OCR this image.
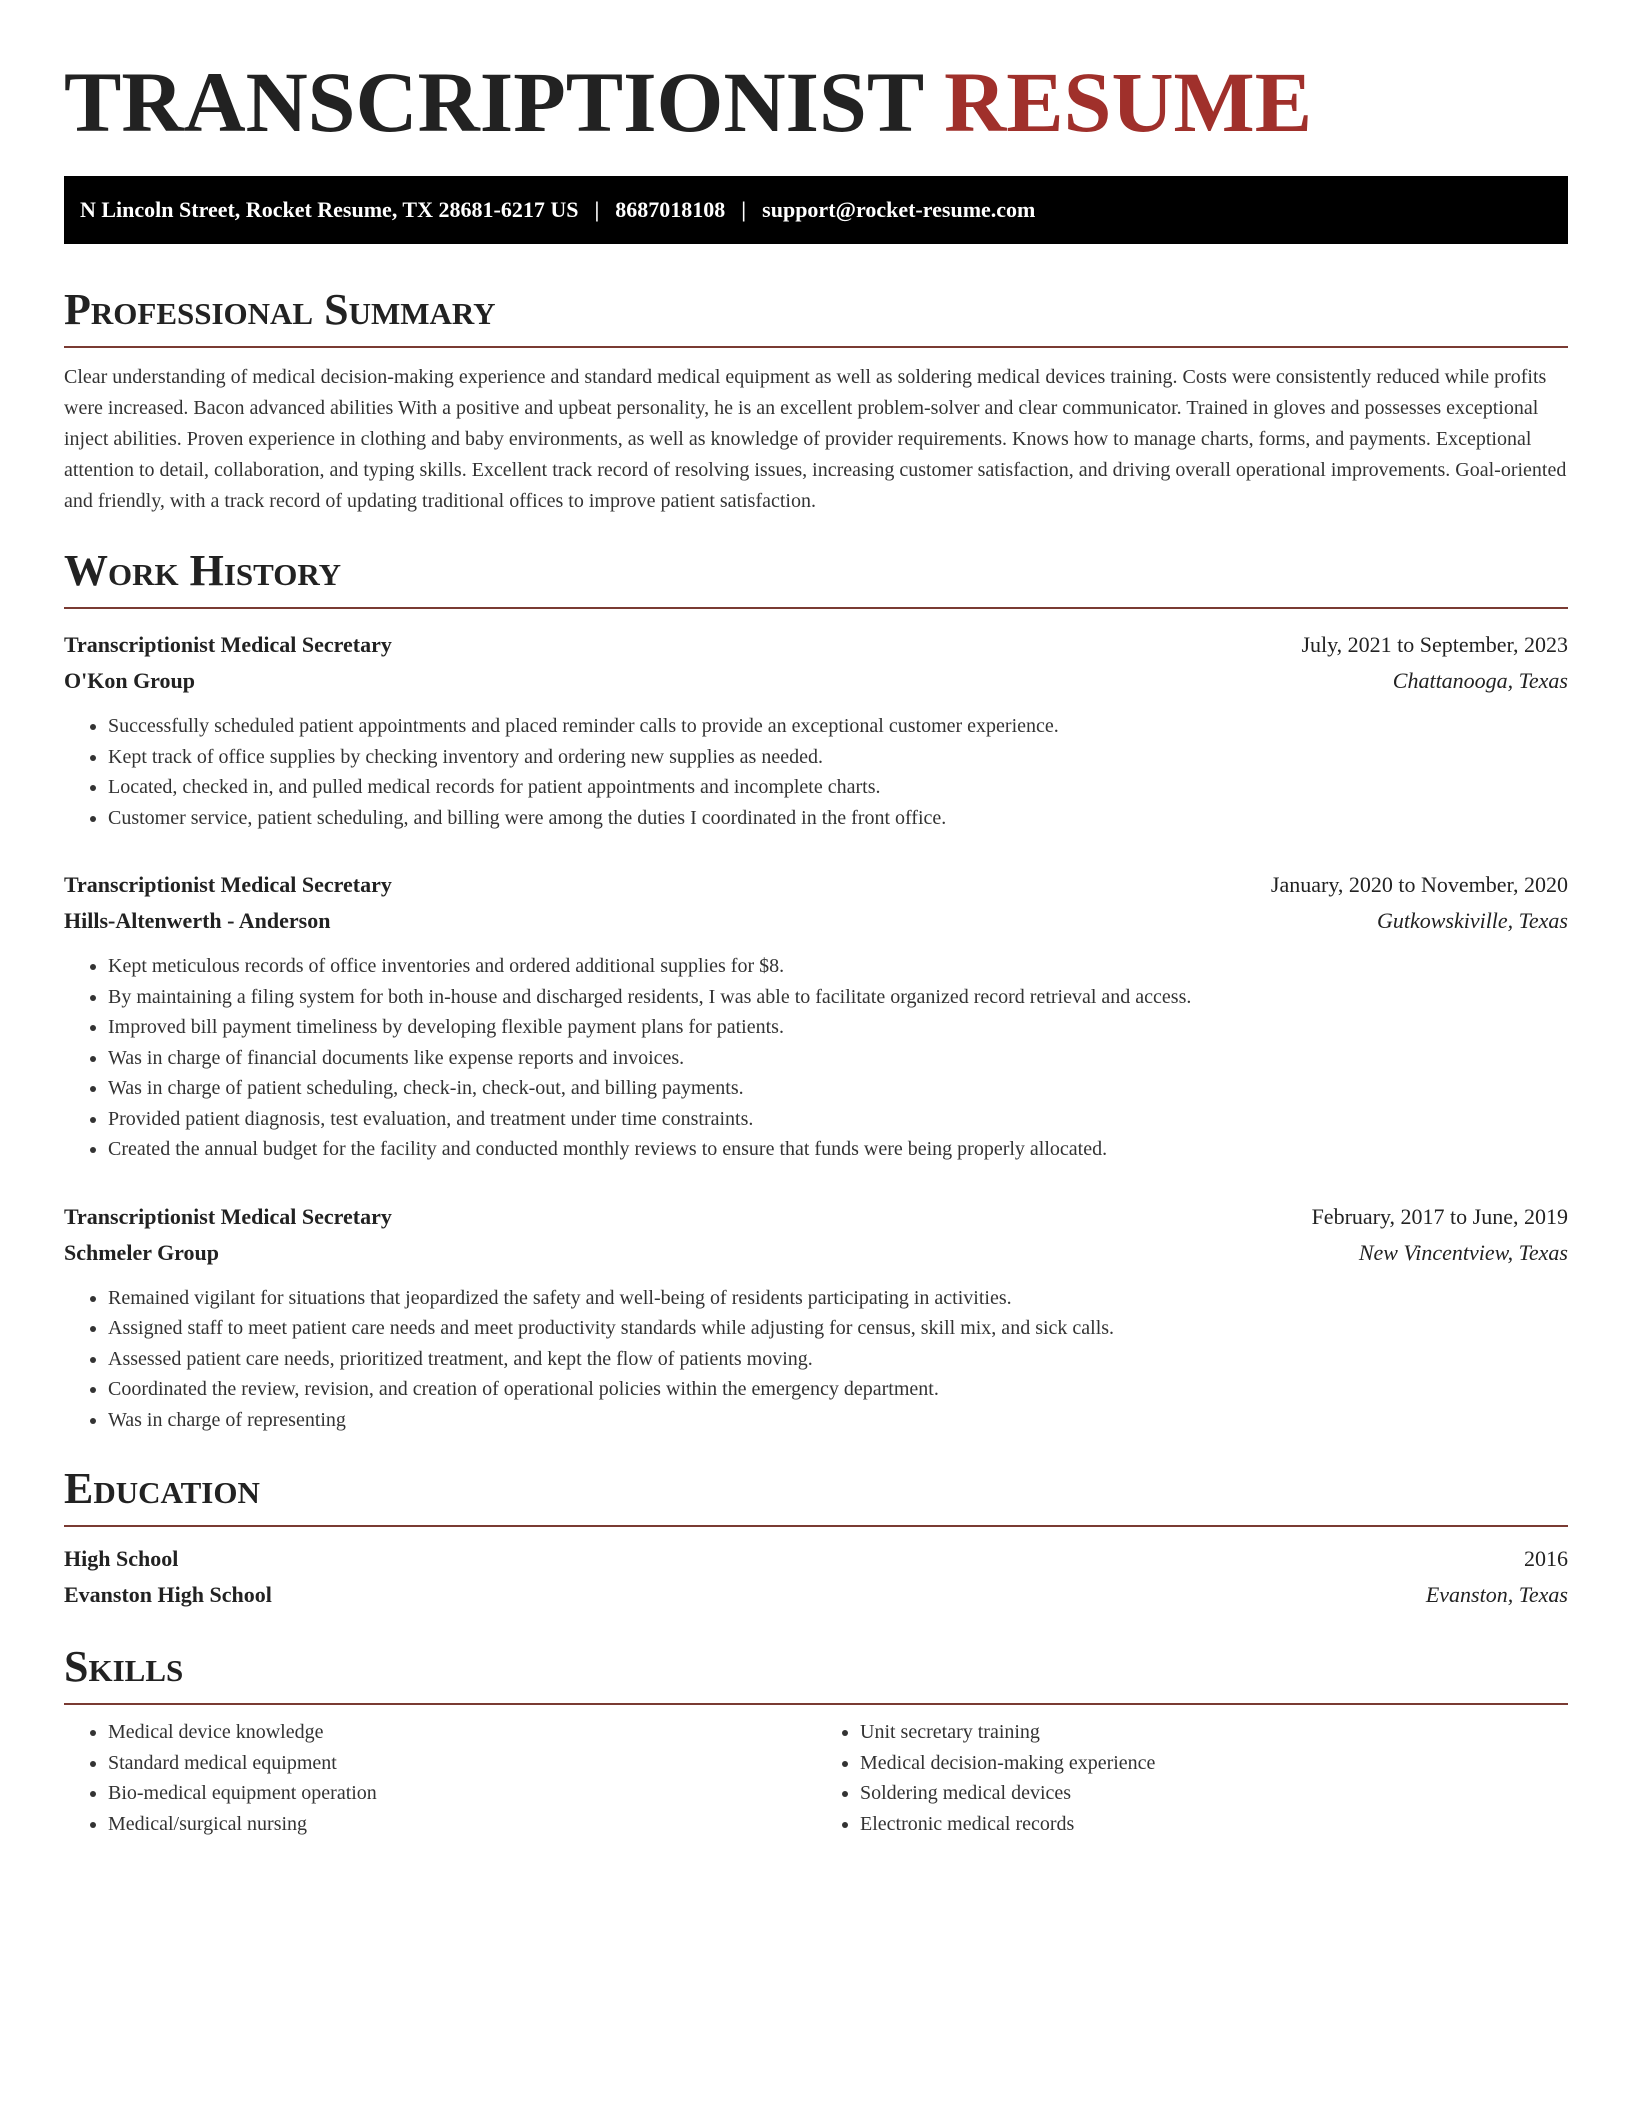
TRANSCRIPTIONIST RESUME
N Lincoln Street, Rocket Resume, TX 28681-6217 US | 8687018108 | support@rocket-resume.com
Professional Summary

Clear understanding of medical decision-making experience and standard medical equipment as well as soldering medical devices training. Costs were consistently reduced while profits were increased. Bacon advanced abilities With a positive and upbeat personality, he is an excellent problem-solver and clear communicator. Trained in gloves and possesses exceptional inject abilities. Proven experience in clothing and baby environments, as well as knowledge of provider requirements. Knows how to manage charts, forms, and payments. Exceptional attention to detail, collaboration, and typing skills. Excellent track record of resolving issues, increasing customer satisfaction, and driving overall operational improvements. Goal-oriented and friendly, with a track record of updating traditional offices to improve patient satisfaction.

Work History
Transcriptionist Medical Secretary	July, 2021 to September, 2023
O'Kon Group	Chattanooga, Texas
• Successfully scheduled patient appointments and placed reminder calls to provide an exceptional customer experience.
• Kept track of office supplies by checking inventory and ordering new supplies as needed.
• Located, checked in, and pulled medical records for patient appointments and incomplete charts.
• Customer service, patient scheduling, and billing were among the duties I coordinated in the front office.
Transcriptionist Medical Secretary	January, 2020 to November, 2020
Hills-Altenwerth - Anderson	Gutkowskiville, Texas
• Kept meticulous records of office inventories and ordered additional supplies for $8.
• By maintaining a filing system for both in-house and discharged residents, I was able to facilitate organized record retrieval and access.
• Improved bill payment timeliness by developing flexible payment plans for patients.
• Was in charge of financial documents like expense reports and invoices.
• Was in charge of patient scheduling, check-in, check-out, and billing payments.
• Provided patient diagnosis, test evaluation, and treatment under time constraints.
• Created the annual budget for the facility and conducted monthly reviews to ensure that funds were being properly allocated.
Transcriptionist Medical Secretary	February, 2017 to June, 2019
Schmeler Group	New Vincentview, Texas
• Remained vigilant for situations that jeopardized the safety and well-being of residents participating in activities.
• Assigned staff to meet patient care needs and meet productivity standards while adjusting for census, skill mix, and sick calls.
• Assessed patient care needs, prioritized treatment, and kept the flow of patients moving.
• Coordinated the review, revision, and creation of operational policies within the emergency department.
• Was in charge of representing
Education
High School	2016
Evanston High School	Evanston, Texas
Skills
• Medical device knowledge
• Standard medical equipment
• Bio-medical equipment operation
• Medical/surgical nursing
• Unit secretary training
• Medical decision-making experience
• Soldering medical devices
• Electronic medical records
